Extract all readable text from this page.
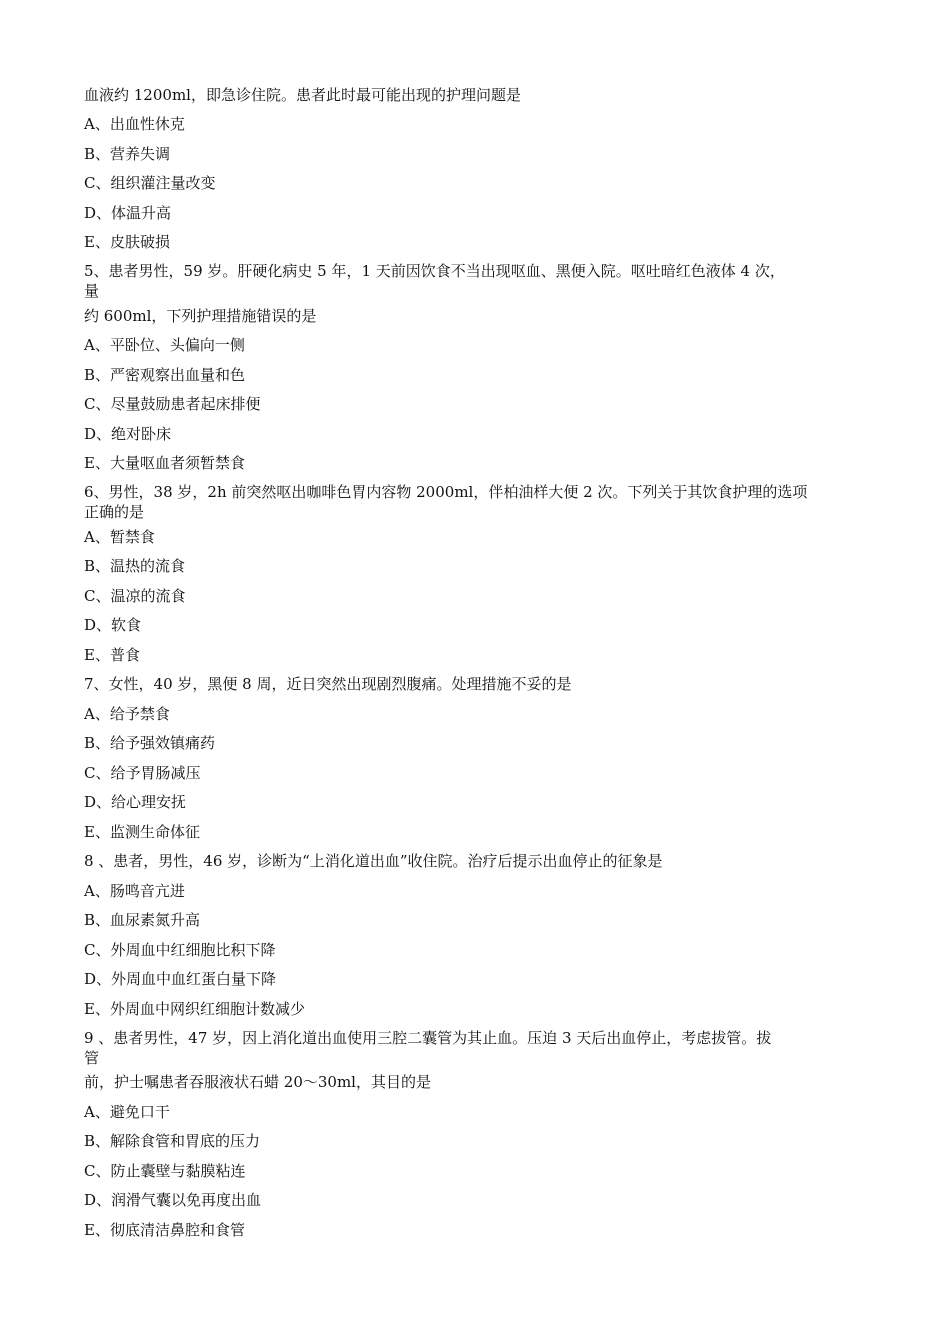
血液约 1200ml，即急诊住院。患者此时最可能出现的护理问题是
A、出血性休克
B、营养失调
C、组织灌注量改变
D、体温升高
E、皮肤破损
5、患者男性，59 岁。肝硬化病史 5 年，1 天前因饮食不当出现呕血、黑便入院。呕吐暗红色液体 4 次，
量
约 600ml，下列护理措施错误的是
A、平卧位、头偏向一侧
B、严密观察出血量和色
C、尽量鼓励患者起床排便
D、绝对卧床
E、大量呕血者须暂禁食
6、男性，38 岁，2h 前突然呕出咖啡色胃内容物 2000ml，伴柏油样大便 2 次。下列关于其饮食护理的选项
正确的是
A、暂禁食
B、温热的流食
C、温凉的流食
D、软食
E、普食
7、女性，40 岁，黑便 8 周，近日突然出现剧烈腹痛。处理措施不妥的是
A、给予禁食
B、给予强效镇痛药
C、给予胃肠减压
D、给心理安抚
E、监测生命体征
8 、患者，男性，46 岁，诊断为“上消化道出血”收住院。治疗后提示出血停止的征象是
A、肠鸣音亢进
B、血尿素氮升高
C、外周血中红细胞比积下降
D、外周血中血红蛋白量下降
E、外周血中网织红细胞计数减少
9 、患者男性，47 岁，因上消化道出血使用三腔二囊管为其止血。压迫 3 天后出血停止，考虑拔管。拔
管
前，护士嘱患者吞服液状石蜡 20～30ml，其目的是
A、避免口干
B、解除食管和胃底的压力
C、防止囊壁与黏膜粘连
D、润滑气囊以免再度出血
E、彻底清洁鼻腔和食管
